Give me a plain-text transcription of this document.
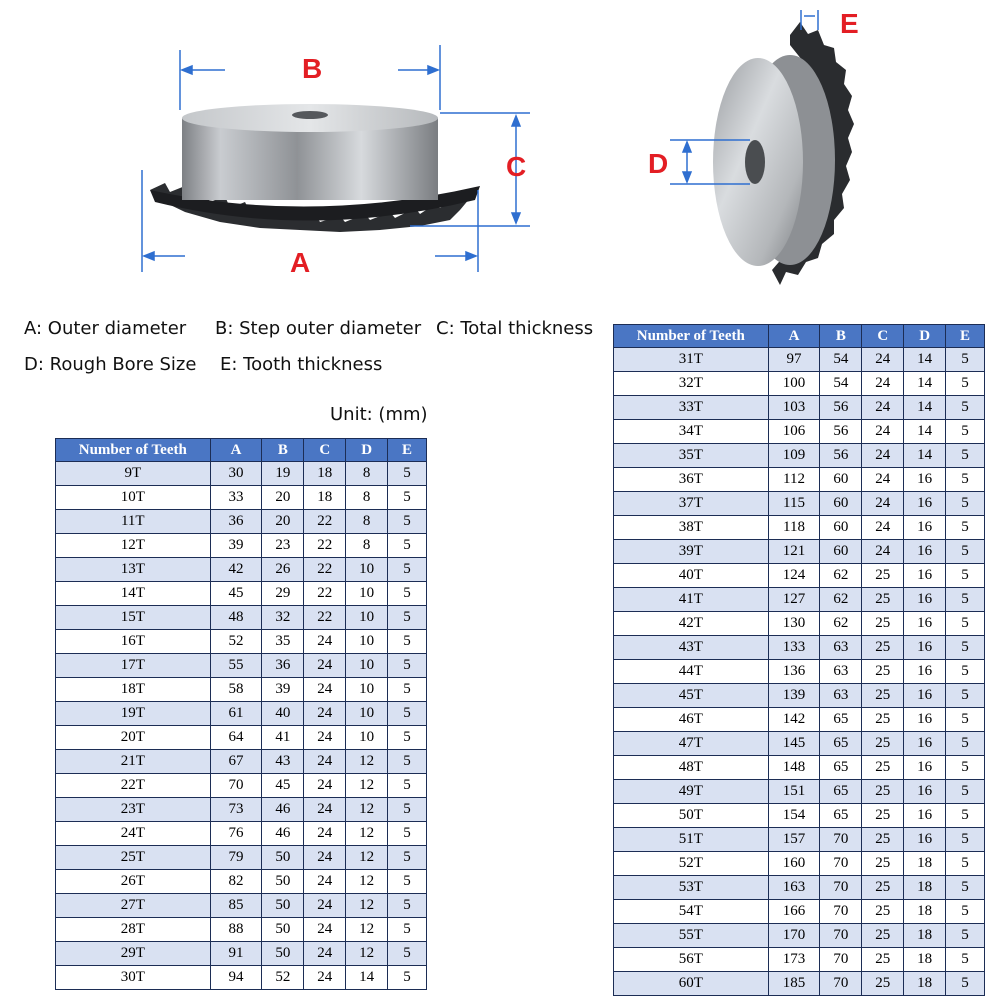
B
A
C	D
E
A: Outer diameter B: Step outer diameter C: Total thickness
D: Rough Bore Size E: Tooth thickness
Unit: (mm)
Number of Teeth	A	B	C	D	E
9T	30	19	18	8	5
10T	33	20	18	8	5
11T	36	20	22	8	5
12T	39	23	22	8	5
13T	42	26	22	10	5
14T	45	29	22	10	5
15T	48	32	22	10	5
16T	52	35	24	10	5
17T	55	36	24	10	5
18T	58	39	24	10	5
19T	61	40	24	10	5
20T	64	41	24	10	5
21T	67	43	24	12	5
22T	70	45	24	12	5
23T	73	46	24	12	5
24T	76	46	24	12	5
25T	79	50	24	12	5
26T	82	50	24	12	5
27T	85	50	24	12	5
28T	88	50	24	12	5
29T	91	50	24	12	5
30T	94	52	24	14	5
Number of Teeth	A	B	C	D	E
31T	97	54	24	14	5
32T	100	54	24	14	5
33T	103	56	24	14	5
34T	106	56	24	14	5
35T	109	56	24	14	5
36T	112	60	24	16	5
37T	115	60	24	16	5
38T	118	60	24	16	5
39T	121	60	24	16	5
40T	124	62	25	16	5
41T	127	62	25	16	5
42T	130	62	25	16	5
43T	133	63	25	16	5
44T	136	63	25	16	5
45T	139	63	25	16	5
46T	142	65	25	16	5
47T	145	65	25	16	5
48T	148	65	25	16	5
49T	151	65	25	16	5
50T	154	65	25	16	5
51T	157	70	25	16	5
52T	160	70	25	18	5
53T	163	70	25	18	5
54T	166	70	25	18	5
55T	170	70	25	18	5
56T	173	70	25	18	5
60T	185	70	25	18	5
